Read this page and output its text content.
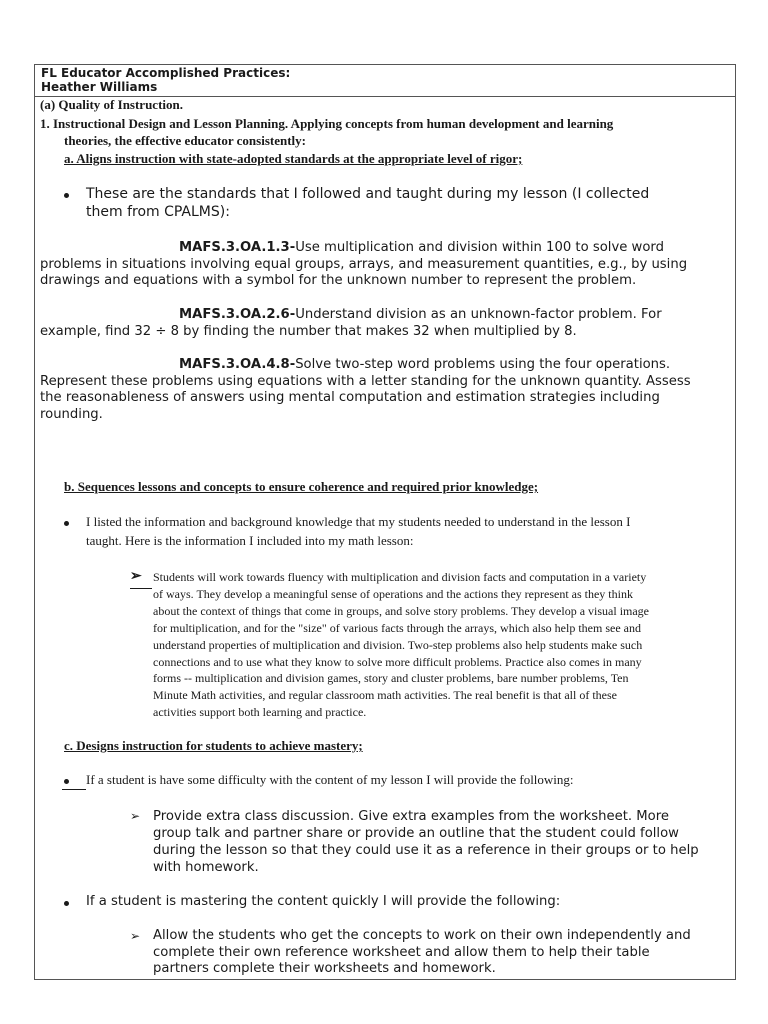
FL Educator Accomplished Practices:
Heather Williams
(a) Quality of Instruction.
1. Instructional Design and Lesson Planning. Applying concepts from human development and learning
theories, the effective educator consistently:
a. Aligns instruction with state-adopted standards at the appropriate level of rigor;
These are the standards that I followed and taught during my lesson (I collected
them from CPALMS):
MAFS.3.OA.1.3-Use multiplication and division within 100 to solve word
problems in situations involving equal groups, arrays, and measurement quantities, e.g., by using
drawings and equations with a symbol for the unknown number to represent the problem.
MAFS.3.OA.2.6-Understand division as an unknown-factor problem. For
example, find 32 ÷ 8 by finding the number that makes 32 when multiplied by 8.
MAFS.3.OA.4.8-Solve two-step word problems using the four operations.
Represent these problems using equations with a letter standing for the unknown quantity. Assess
the reasonableness of answers using mental computation and estimation strategies including
rounding.
b. Sequences lessons and concepts to ensure coherence and required prior knowledge;
I listed the information and background knowledge that my students needed to understand in the lesson I
taught. Here is the information I included into my math lesson:
➢ Students will work towards fluency with multiplication and division facts and computation in a variety
of ways. They develop a meaningful sense of operations and the actions they represent as they think
about the context of things that come in groups, and solve story problems. They develop a visual image
for multiplication, and for the "size" of various facts through the arrays, which also help them see and
understand properties of multiplication and division. Two-step problems also help students make such
connections and to use what they know to solve more difficult problems. Practice also comes in many
forms -- multiplication and division games, story and cluster problems, bare number problems, Ten
Minute Math activities, and regular classroom math activities. The real benefit is that all of these
activities support both learning and practice.
c. Designs instruction for students to achieve mastery;
If a student is have some difficulty with the content of my lesson I will provide the following:
➢ Provide extra class discussion. Give extra examples from the worksheet. More
group talk and partner share or provide an outline that the student could follow
during the lesson so that they could use it as a reference in their groups or to help
with homework.
If a student is mastering the content quickly I will provide the following:
➢ Allow the students who get the concepts to work on their own independently and
complete their own reference worksheet and allow them to help their table
partners complete their worksheets and homework.
